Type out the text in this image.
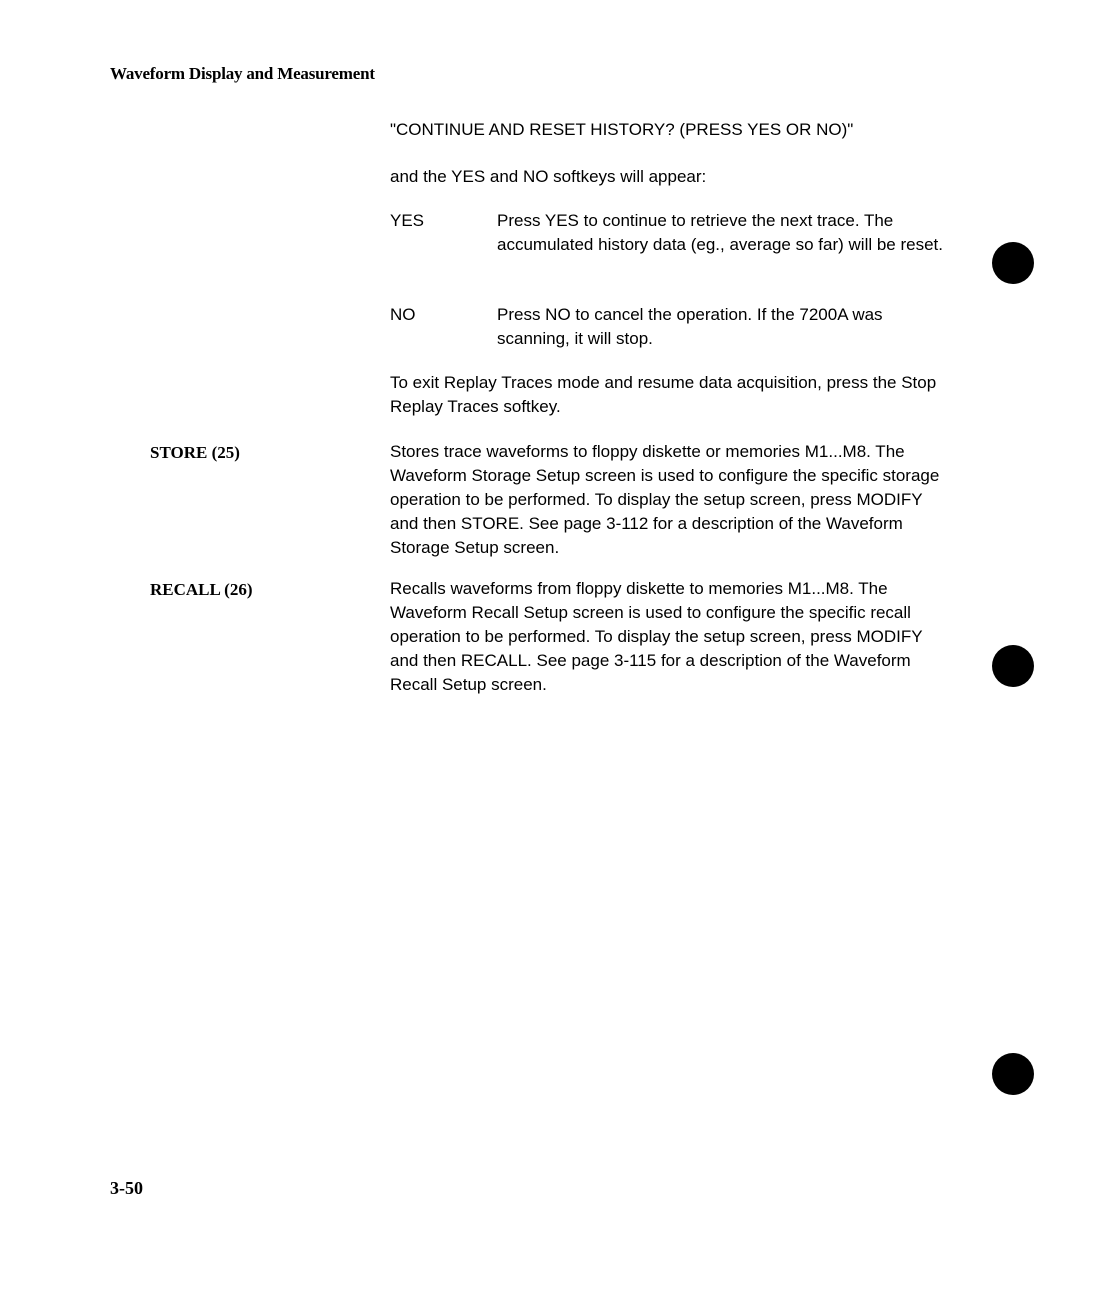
Waveform Display and Measurement
"CONTINUE AND RESET HISTORY? (PRESS YES OR NO)"
and the YES and NO softkeys will appear:
YES	Press YES to continue to retrieve the next trace. The accumulated history data (eg., average so far) will be reset.
NO	Press NO to cancel the operation. If the 7200A was scanning, it will stop.
To exit Replay Traces mode and resume data acquisition, press the Stop Replay Traces softkey.
STORE (25)	Stores trace waveforms to floppy diskette or memories M1...M8. The Waveform Storage Setup screen is used to configure the specific storage operation to be performed. To display the setup screen, press MODIFY and then STORE. See page 3-112 for a description of the Waveform Storage Setup screen.
RECALL (26)	Recalls waveforms from floppy diskette to memories M1...M8. The Waveform Recall Setup screen is used to configure the specific recall operation to be performed. To display the setup screen, press MODIFY and then RECALL. See page 3-115 for a description of the Waveform Recall Setup screen.
3-50
